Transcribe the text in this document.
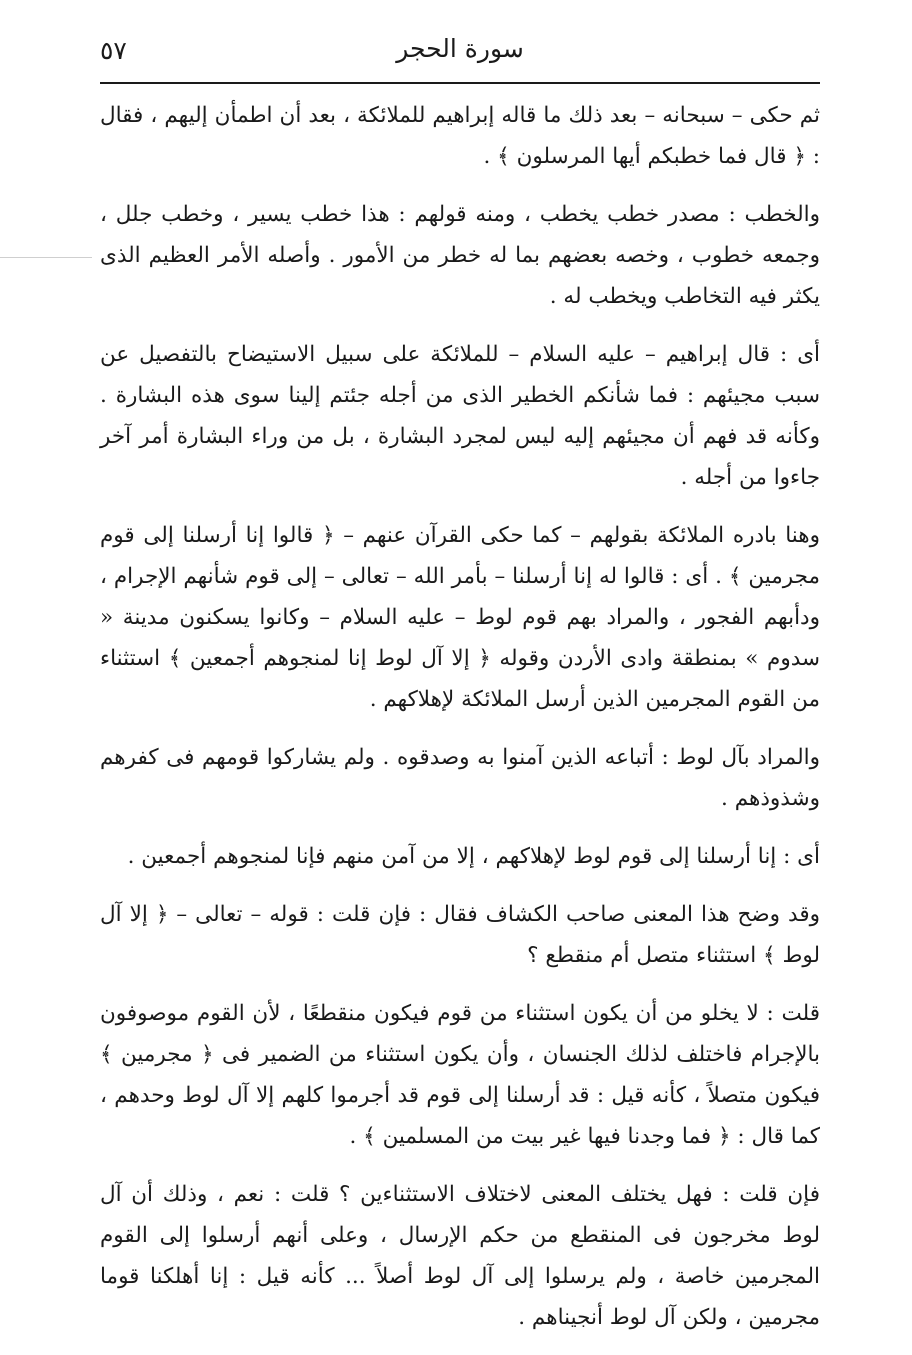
٥٧	سورة الحجر

ثم حكى – سبحانه – بعد ذلك ما قاله إبراهيم للملائكة ، بعد أن اطمأن إليهم ، فقال : ﴿ قال فما خطبكم أيها المرسلون ﴾ .

والخطب : مصدر خطب يخطب ، ومنه قولهم : هذا خطب يسير ، وخطب جلل ، وجمعه خطوب ، وخصه بعضهم بما له خطر من الأمور . وأصله الأمر العظيم الذى يكثر فيه التخاطب ويخطب له .

أى : قال إبراهيم – عليه السلام – للملائكة على سبيل الاستيضاح بالتفصيل عن سبب مجيئهم : فما شأنكم الخطير الذى من أجله جئتم إلينا سوى هذه البشارة . وكأنه قد فهم أن مجيئهم إليه ليس لمجرد البشارة ، بل من وراء البشارة أمر آخر جاءوا من أجله .

وهنا بادره الملائكة بقولهم – كما حكى القرآن عنهم – ﴿ قالوا إنا أرسلنا إلى قوم مجرمين ﴾ . أى : قالوا له إنا أرسلنا – بأمر الله – تعالى – إلى قوم شأنهم الإجرام ، ودأبهم الفجور ، والمراد بهم قوم لوط – عليه السلام – وكانوا يسكنون مدينة « سدوم » بمنطقة وادى الأردن وقوله ﴿ إلا آل لوط إنا لمنجوهم أجمعين ﴾ استثناء من القوم المجرمين الذين أرسل الملائكة لإهلاكهم .

والمراد بآل لوط : أتباعه الذين آمنوا به وصدقوه . ولم يشاركوا قومهم فى كفرهم وشذوذهم .

أى : إنا أرسلنا إلى قوم لوط لإهلاكهم ، إلا من آمن منهم فإنا لمنجوهم أجمعين .

وقد وضح هذا المعنى صاحب الكشاف فقال : فإن قلت : قوله – تعالى – ﴿ إلا آل لوط ﴾ استثناء متصل أم منقطع ؟

قلت : لا يخلو من أن يكون استثناء من قوم فيكون منقطعًا ، لأن القوم موصوفون بالإجرام فاختلف لذلك الجنسان ، وأن يكون استثناء من الضمير فى ﴿ مجرمين ﴾ فيكون متصلاً ، كأنه قيل : قد أرسلنا إلى قوم قد أجرموا كلهم إلا آل لوط وحدهم ، كما قال : ﴿ فما وجدنا فيها غير بيت من المسلمين ﴾ .

فإن قلت : فهل يختلف المعنى لاختلاف الاستثناءين ؟ قلت : نعم ، وذلك أن آل لوط مخرجون فى المنقطع من حكم الإرسال ، وعلى أنهم أرسلوا إلى القوم المجرمين خاصة ، ولم يرسلوا إلى آل لوط أصلاً ... كأنه قيل : إنا أهلكنا قوما مجرمين ، ولكن آل لوط أنجيناهم .
